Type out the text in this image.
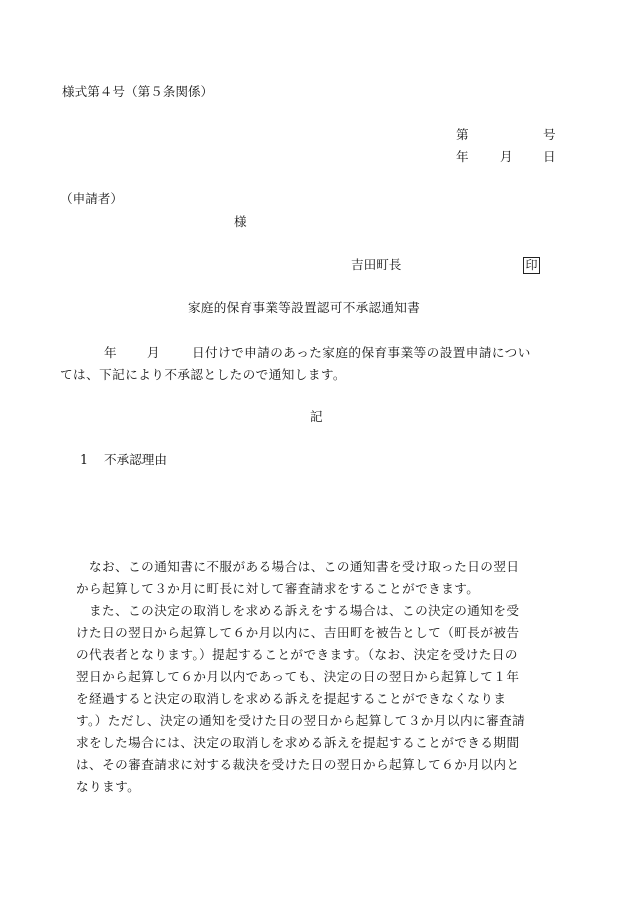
様式第４号（第５条関係）
第	号
年 月 日
（申請者）
様
吉田町長	印
家庭的保育事業等設置認可不承認通知書
年 月	日付けで申請のあった家庭的保育事業等の設置申請につい
ては、下記により不承認としたので通知します。
記
1 不承認理由
なお、この通知書に不服がある場合は、この通知書を受け取った日の翌日
から起算して３か月に町長に対して審査請求をすることができます。
また、この決定の取消しを求める訴えをする場合は、この決定の通知を受
けた日の翌日から起算して６か月以内に、吉田町を被告として（町長が被告
の代表者となります。）提起することができます。（なお、決定を受けた日の
翌日から起算して６か月以内であっても、決定の日の翌日から起算して１年
を経過すると決定の取消しを求める訴えを提起することができなくなりま
す。）ただし、決定の通知を受けた日の翌日から起算して３か月以内に審査請
求をした場合には、決定の取消しを求める訴えを提起することができる期間
は、その審査請求に対する裁決を受けた日の翌日から起算して６か月以内と
なります。
